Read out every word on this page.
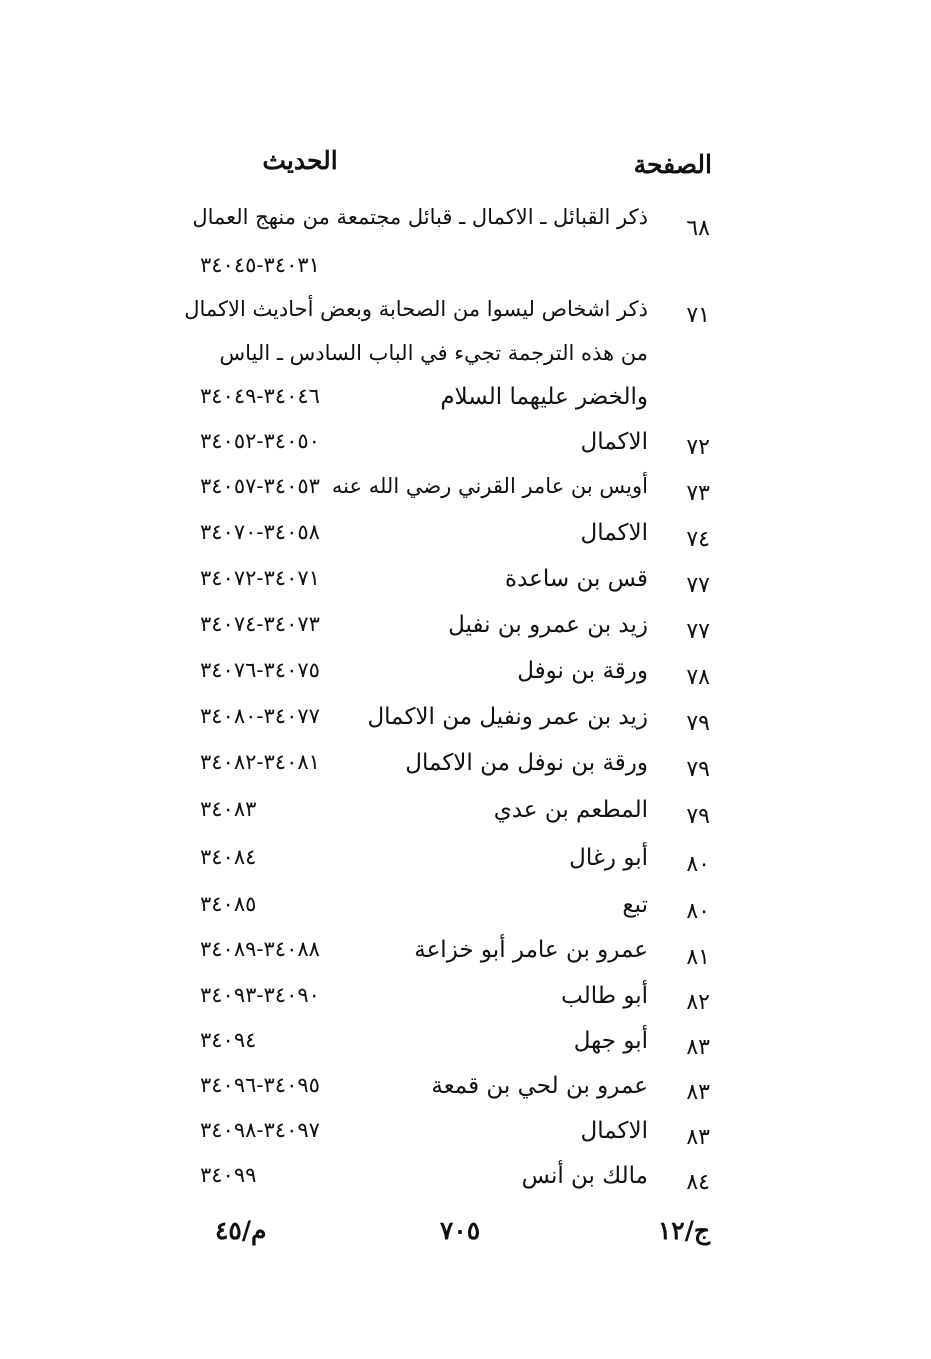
الصفحة
الحديث
٦٨
ذكر القبائل ـ الاكمال ـ قبائل مجتمعة من منهج العمال
٣٤٠٣١-٣٤٠٤٥
٧١
ذكر اشخاص ليسوا من الصحابة وبعض أحاديث الاكمال
من هذه الترجمة تجيء في الباب السادس ـ الياس
والخضر عليهما السلام
٣٤٠٤٦-٣٤٠٤٩
٧٢
الاكمال
٣٤٠٥٠-٣٤٠٥٢
٧٣
أويس بن عامر القرني رضي الله عنه
٣٤٠٥٣-٣٤٠٥٧
٧٤
الاكمال
٣٤٠٥٨-٣٤٠٧٠
٧٧
قس بن ساعدة
٣٤٠٧١-٣٤٠٧٢
٧٧
زيد بن عمرو بن نفيل
٣٤٠٧٣-٣٤٠٧٤
٧٨
ورقة بن نوفل
٣٤٠٧٥-٣٤٠٧٦
٧٩
زيد بن عمر ونفيل من الاكمال
٣٤٠٧٧-٣٤٠٨٠
٧٩
ورقة بن نوفل من الاكمال
٣٤٠٨١-٣٤٠٨٢
٧٩
المطعم بن عدي
٣٤٠٨٣
٨٠
أبو رغال
٣٤٠٨٤
٨٠
تبع
٣٤٠٨٥
٨١
عمرو بن عامر أبو خزاعة
٣٤٠٨٨-٣٤٠٨٩
٨٢
أبو طالب
٣٤٠٩٠-٣٤٠٩٣
٨٣
أبو جهل
٣٤٠٩٤
٨٣
عمرو بن لحي بن قمعة
٣٤٠٩٥-٣٤٠٩٦
٨٣
الاكمال
٣٤٠٩٧-٣٤٠٩٨
٨٤
مالك بن أنس
٣٤٠٩٩
ج/١٢
٧٠٥
م/٤٥
